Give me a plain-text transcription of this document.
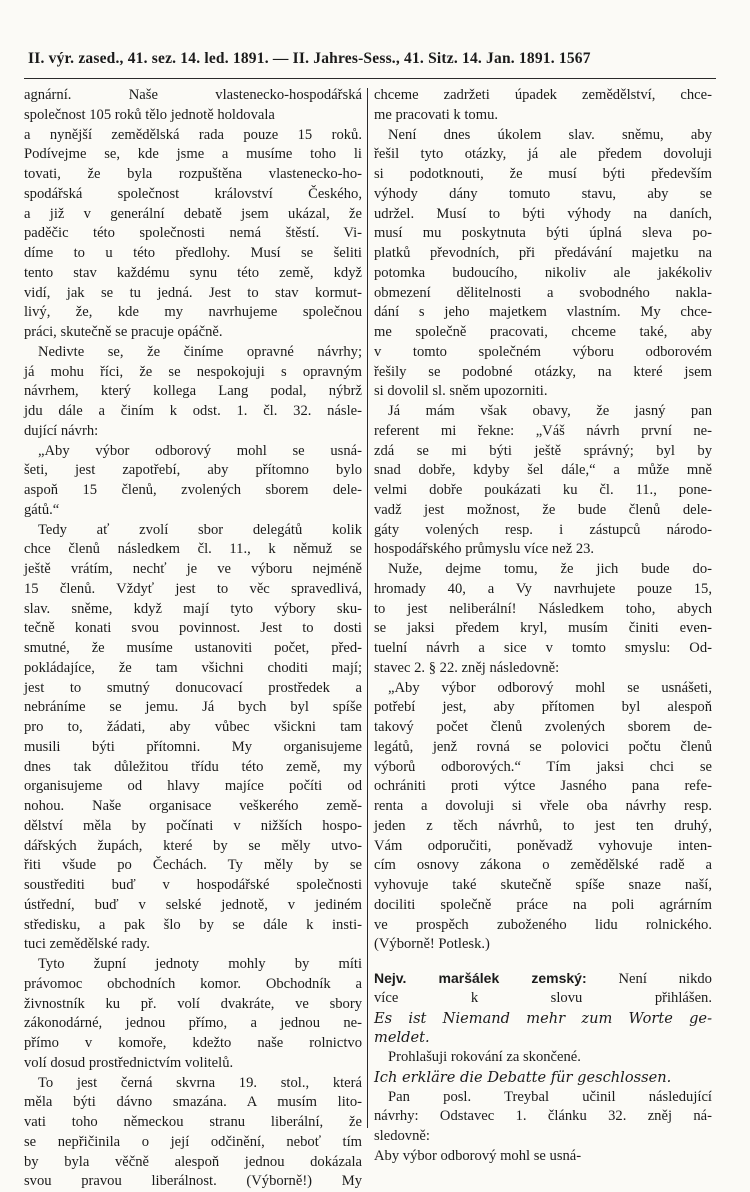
II. výr. zased., 41. sez. 14. led. 1891. — II. Jahres-Sess., 41. Sitz. 14. Jan. 1891. 1567
agnární. Naše vlastenecko-hospodářská
společnost 105 roků tělo jednotě holdovala
a nynější zemědělská rada pouze 15 roků.
Podívejme se, kde jsme a musíme toho li
tovati, že byla rozpuštěna vlastenecko-ho-
spodářská společnost království Českého,
a již v generální debatě jsem ukázal, že
paděčic této společnosti nemá štěstí. Vi-
díme to u této předlohy. Musí se šeliti
tento stav každému synu této země, když
vidí, jak se tu jedná. Jest to stav kormut-
livý, že, kde my navrhujeme společnou
práci, skutečně se pracuje opáčně.
Nedivte se, že činíme opravné návrhy;
já mohu říci, že se nespokojuji s opravným
návrhem, který kollega Lang podal, nýbrž
jdu dále a činím k odst. 1. čl. 32. násle-
dující návrh:
„Aby výbor odborový mohl se usná-
šeti, jest zapotřebí, aby přítomno bylo
aspoň 15 členů, zvolených sborem dele-
gátů.“
Tedy ať zvolí sbor delegátů kolik
chce členů následkem čl. 11., k němuž se
ještě vrátím, nechť je ve výboru nejméně
15 členů. Vždyť jest to věc spravedlivá,
slav. sněme, když mají tyto výbory sku-
tečně konati svou povinnost. Jest to dosti
smutné, že musíme ustanoviti počet, před-
pokládajíce, že tam všichni choditi mají;
jest to smutný donucovací prostředek a
nebráníme se jemu. Já bych byl spíše
pro to, žádati, aby vůbec všickni tam
musili býti přítomni. My organisujeme
dnes tak důležitou třídu této země, my
organisujeme od hlavy majíce počíti od
nohou. Naše organisace veškerého země-
dělství měla by počínati v nižších hospo-
dářských župách, které by se měly utvo-
řiti všude po Čechách. Ty měly by se
soustřediti buď v hospodářské společnosti
ústřední, buď v selské jednotě, v jediném
středisku, a pak šlo by se dále k insti-
tuci zemědělské rady.
Tyto župní jednoty mohly by míti
právomoc obchodních komor. Obchodník a
živnostník ku př. volí dvakráte, ve sbory
zákonodárné, jednou přímo, a jednou ne-
přímo v komoře, kdežto naše rolnictvo
volí dosud prostřednictvím volitelů.
To jest černá skvrna 19. stol., která
měla býti dávno smazána. A musím lito-
vati toho německou stranu liberální, že
se nepřičinila o její odčinění, neboť tím
by byla věčně alespoň jednou dokázala
svou pravou liberálnost. (Výborně!) My
chceme zadržeti úpadek zemědělství, chce-
me pracovati k tomu.
Není dnes úkolem slav. sněmu, aby
řešil tyto otázky, já ale předem dovoluji
si podotknouti, že musí býti především
výhody dány tomuto stavu, aby se
udržel. Musí to býti výhody na daních,
musí mu poskytnuta býti úplná sleva po-
platků převodních, při předávání majetku na
potomka budoucího, nikoliv ale jakékoliv
obmezení dělitelnosti a svobodného nakla-
dání s jeho majetkem vlastním. My chce-
me společně pracovati, chceme také, aby
v tomto společném výboru odborovém
řešily se podobné otázky, na které jsem
si dovolil sl. sněm upozorniti.
Já mám však obavy, že jasný pan
referent mi řekne: „Váš návrh první ne-
zdá se mi býti ještě správný; byl by
snad dobře, kdyby šel dále,“ a může mně
velmi dobře poukázati ku čl. 11., pone-
vadž jest možnost, že bude členů dele-
gáty volených resp. i zástupců národo-
hospodářského průmyslu více než 23.
Nuže, dejme tomu, že jich bude do-
hromady 40, a Vy navrhujete pouze 15,
to jest neliberální! Následkem toho, abych
se jaksi předem kryl, musím činiti even-
tuelní návrh a sice v tomto smyslu: Od-
stavec 2. § 22. zněj následovně:
„Aby výbor odborový mohl se usnášeti,
potřebí jest, aby přítomen byl alespoň
takový počet členů zvolených sborem de-
legátů, jenž rovná se polovici počtu členů
výborů odborových.“ Tím jaksi chci se
ochrániti proti výtce Jasného pana refe-
renta a dovoluji si vřele oba návrhy resp.
jeden z těch návrhů, to jest ten druhý,
Vám odporučiti, poněvadž vyhovuje inten-
cím osnovy zákona o zemědělské radě a
vyhovuje také skutečně spíše snaze naší,
dociliti společně práce na poli agrárním
ve prospěch zuboženého lidu rolnického.
(Výborně! Potlesk.)
Nejv. maršálek zemský: Není nikdo
více k slovu přihlášen.
Es ist Niemand mehr zum Worte ge-
meldet.
Prohlašuji rokování za skončené.
Ich erkläre die Debatte für geschlossen.
Pan posl. Treybal učinil následující
návrhy: Odstavec 1. článku 32. zněj ná-
sledovně:
Aby výbor odborový mohl se usná-
